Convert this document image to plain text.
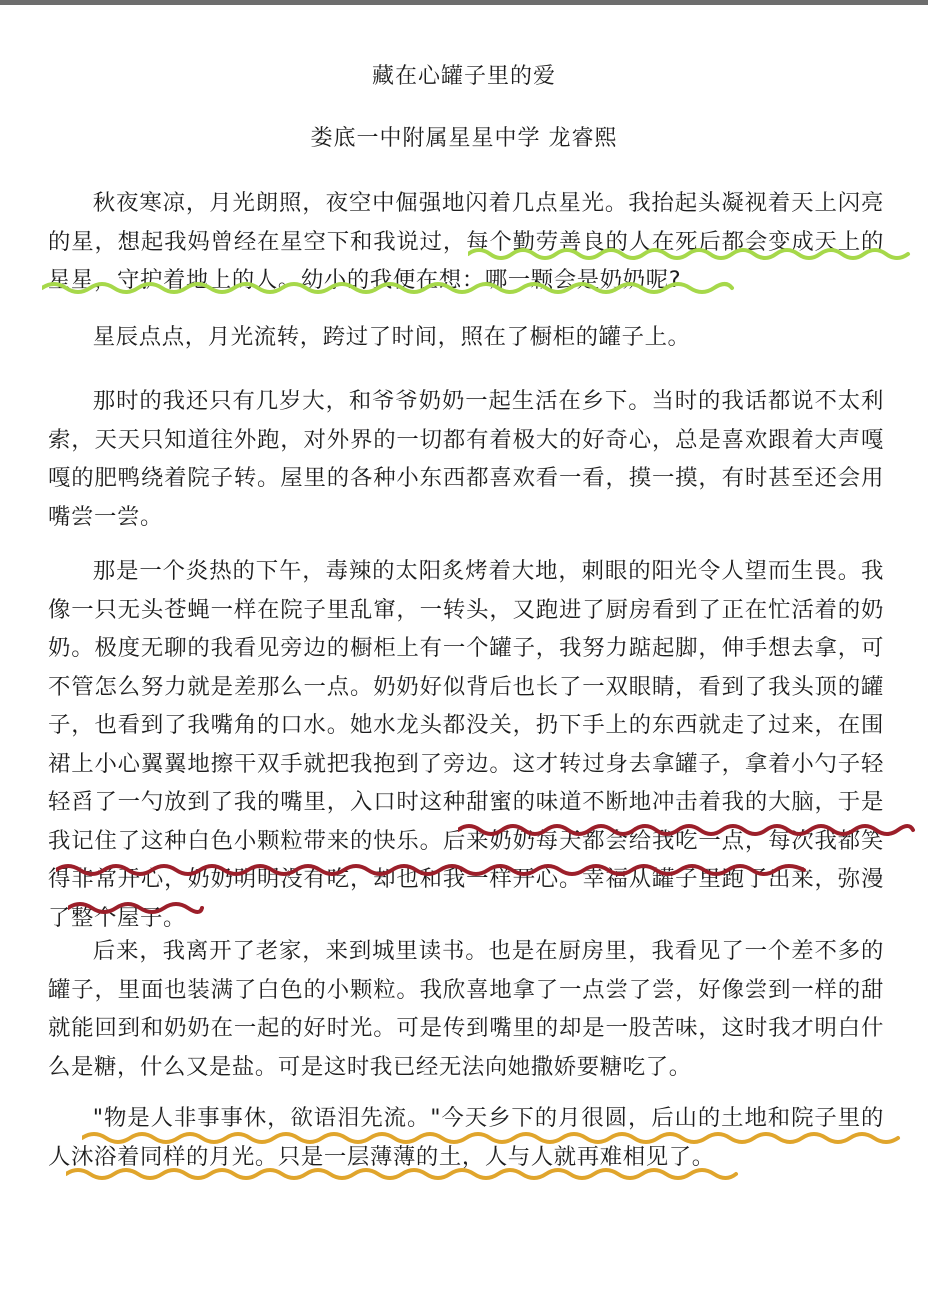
藏在心罐子里的爱
娄底一中附属星星中学 龙睿熙

秋夜寒凉，月光朗照，夜空中倔强地闪着几点星光。我抬起头凝视着天上闪亮的星，想起我妈曾经在星空下和我说过，每个勤劳善良的人在死后都会变成天上的星星，守护着地上的人。幼小的我便在想：哪一颗会是奶奶呢?

星辰点点，月光流转，跨过了时间，照在了橱柜的罐子上。

那时的我还只有几岁大，和爷爷奶奶一起生活在乡下。当时的我话都说不太利索，天天只知道往外跑，对外界的一切都有着极大的好奇心，总是喜欢跟着大声嘎嘎的肥鸭绕着院子转。屋里的各种小东西都喜欢看一看，摸一摸，有时甚至还会用嘴尝一尝。

那是一个炎热的下午，毒辣的太阳炙烤着大地，刺眼的阳光令人望而生畏。我像一只无头苍蝇一样在院子里乱窜，一转头，又跑进了厨房看到了正在忙活着的奶奶。极度无聊的我看见旁边的橱柜上有一个罐子，我努力踮起脚，伸手想去拿，可不管怎么努力就是差那么一点。奶奶好似背后也长了一双眼睛，看到了我头顶的罐子，也看到了我嘴角的口水。她水龙头都没关，扔下手上的东西就走了过来，在围裙上小心翼翼地擦干双手就把我抱到了旁边。这才转过身去拿罐子，拿着小勺子轻轻舀了一勺放到了我的嘴里，入口时这种甜蜜的味道不断地冲击着我的大脑，于是我记住了这种白色小颗粒带来的快乐。后来奶奶每天都会给我吃一点，每次我都笑得非常开心，奶奶明明没有吃，却也和我一样开心。幸福从罐子里跑了出来，弥漫了整个屋子。

后来，我离开了老家，来到城里读书。也是在厨房里，我看见了一个差不多的罐子，里面也装满了白色的小颗粒。我欣喜地拿了一点尝了尝，好像尝到一样的甜就能回到和奶奶在一起的好时光。可是传到嘴里的却是一股苦味，这时我才明白什么是糖，什么又是盐。可是这时我已经无法向她撒娇要糖吃了。

"物是人非事事休，欲语泪先流。"今天乡下的月很圆，后山的土地和院子里的人沐浴着同样的月光。只是一层薄薄的土，人与人就再难相见了。
